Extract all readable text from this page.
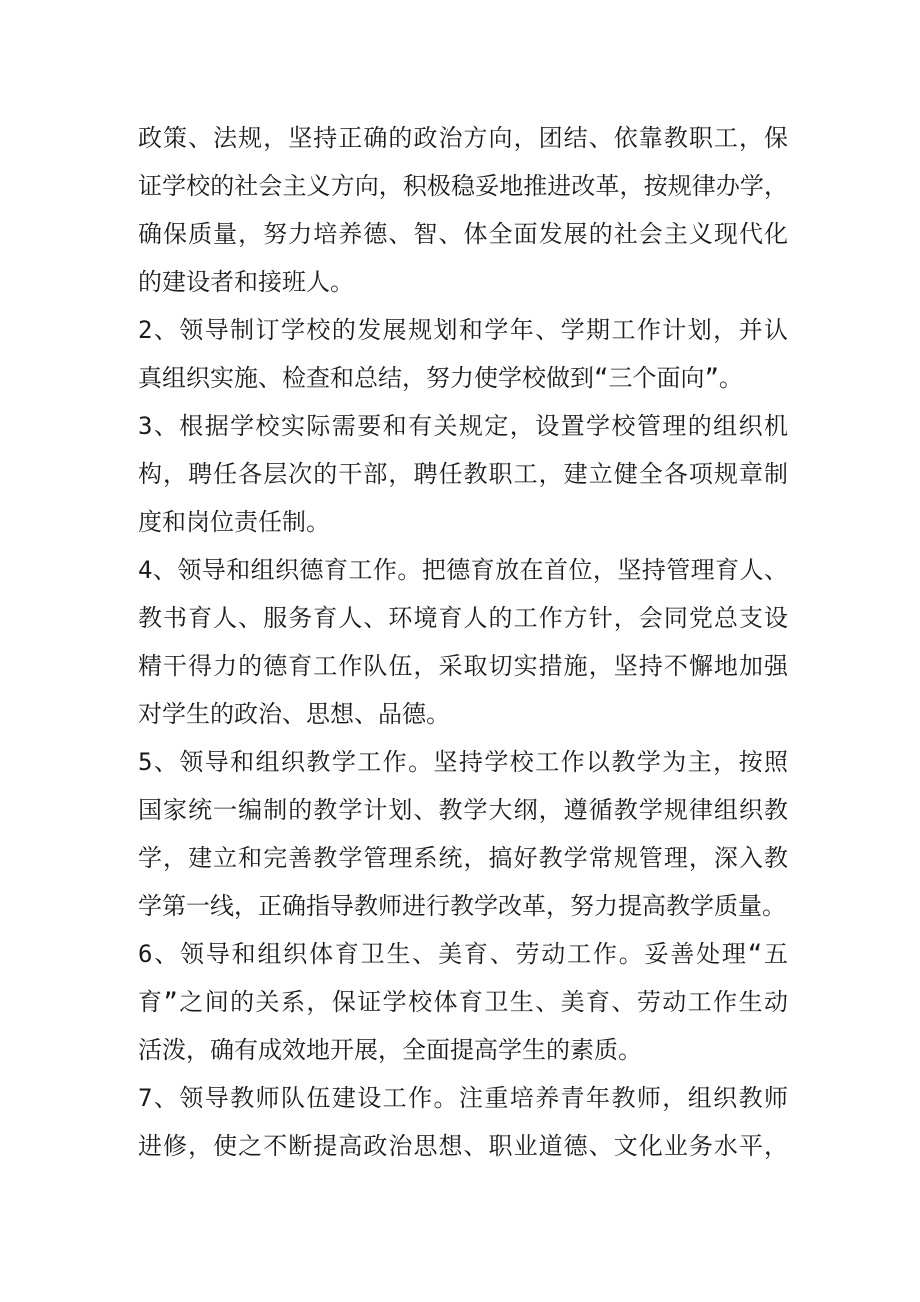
政策、法规，坚持正确的政治方向，团结、依靠教职工，保
证学校的社会主义方向，积极稳妥地推进改革，按规律办学，
确保质量，努力培养德、智、体全面发展的社会主义现代化
的建设者和接班人。
2、领导制订学校的发展规划和学年、学期工作计划，并认
真组织实施、检查和总结，努力使学校做到“三个面向”。
3、根据学校实际需要和有关规定，设置学校管理的组织机
构，聘任各层次的干部，聘任教职工，建立健全各项规章制
度和岗位责任制。
4、领导和组织德育工作。把德育放在首位，坚持管理育人、
教书育人、服务育人、环境育人的工作方针，会同党总支设
精干得力的德育工作队伍，采取切实措施，坚持不懈地加强
对学生的政治、思想、品德。
5、领导和组织教学工作。坚持学校工作以教学为主，按照
国家统一编制的教学计划、教学大纲，遵循教学规律组织教
学，建立和完善教学管理系统，搞好教学常规管理，深入教
学第一线，正确指导教师进行教学改革，努力提高教学质量。
6、领导和组织体育卫生、美育、劳动工作。妥善处理“五
育”之间的关系，保证学校体育卫生、美育、劳动工作生动
活泼，确有成效地开展，全面提高学生的素质。
7、领导教师队伍建设工作。注重培养青年教师，组织教师
进修，使之不断提高政治思想、职业道德、文化业务水平，
